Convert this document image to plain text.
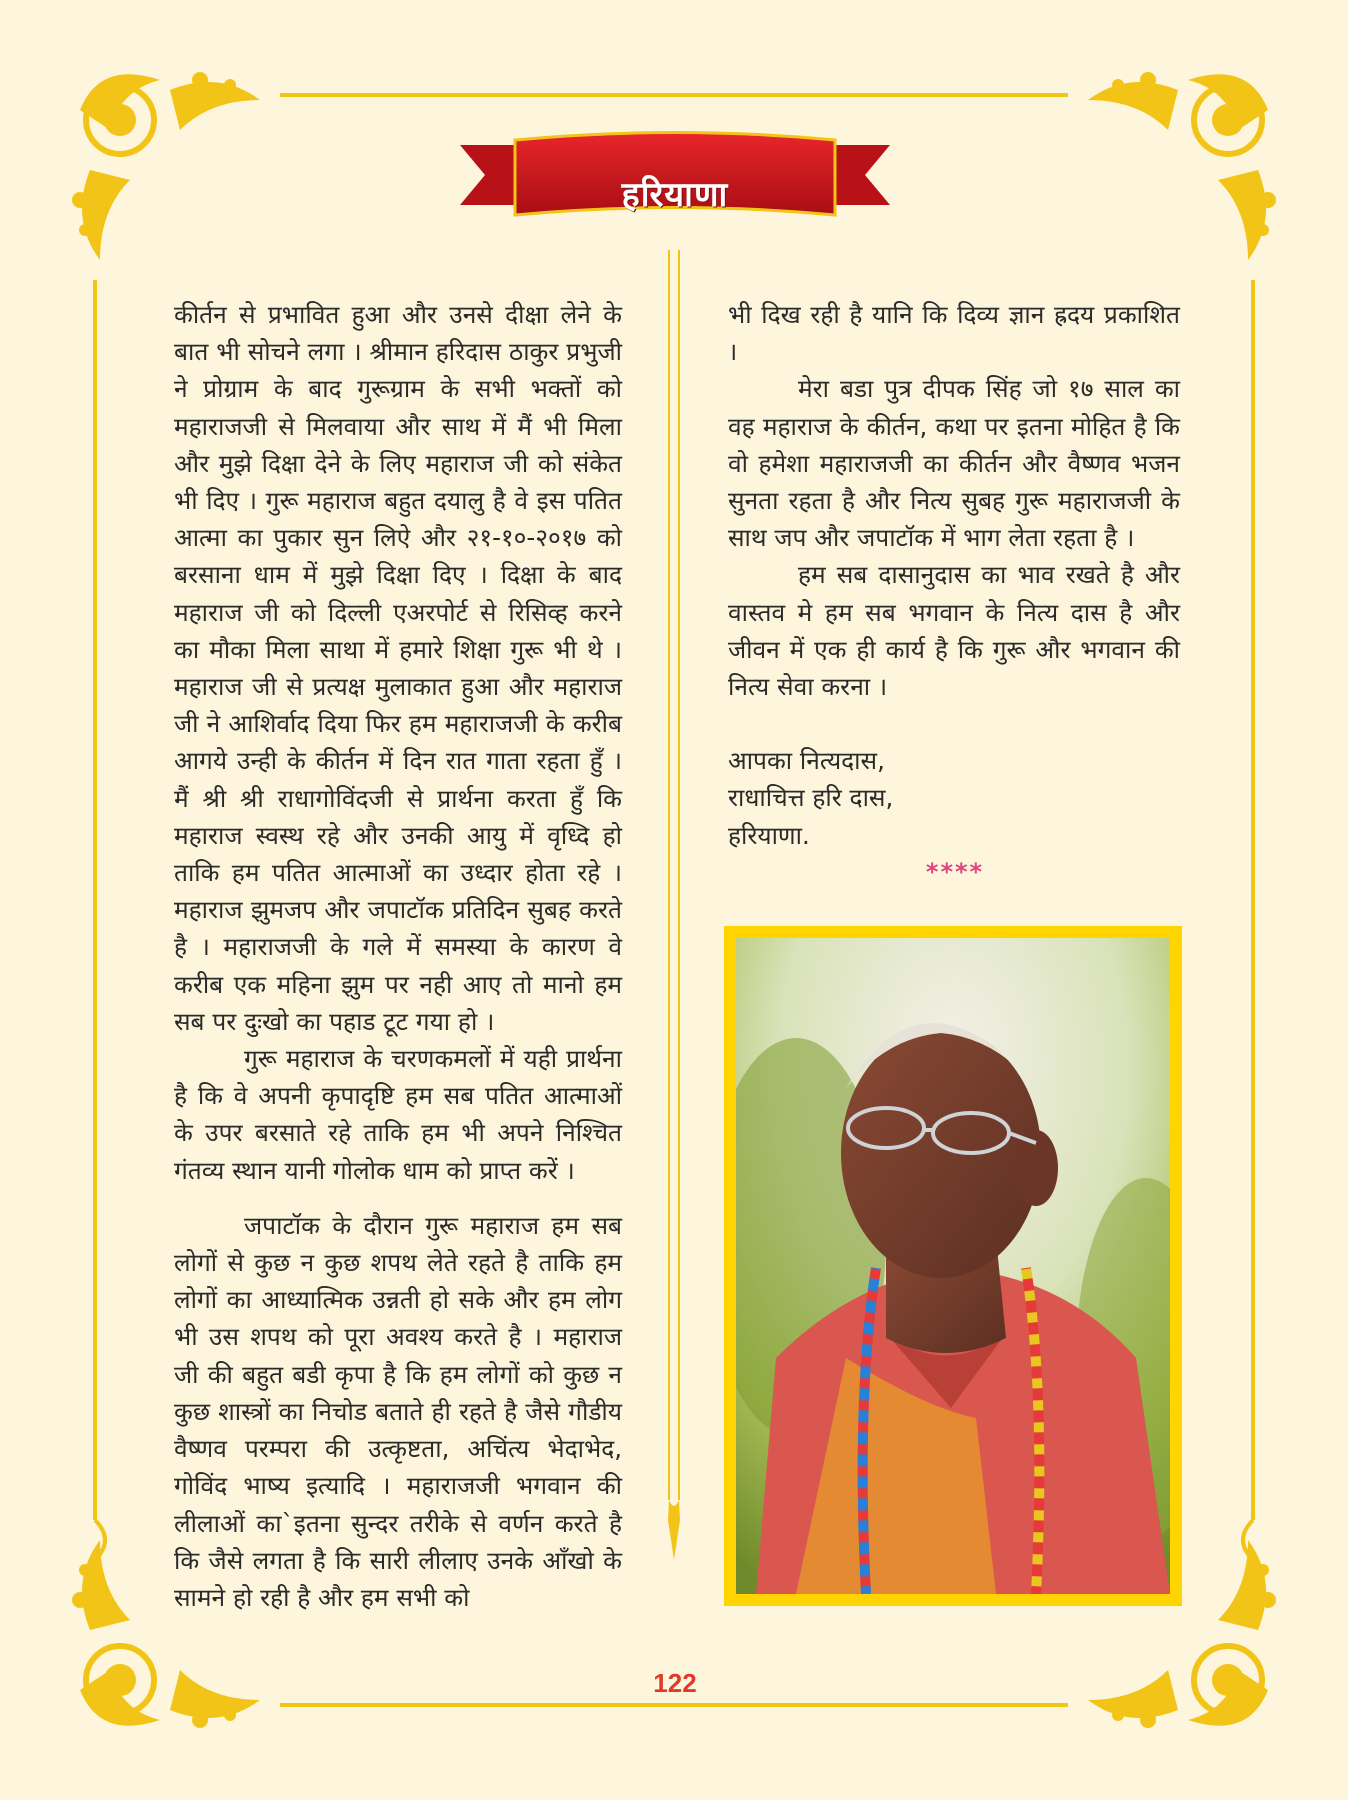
हरियाणा

कीर्तन से प्रभावित हुआ और उनसे दीक्षा लेने के बात भी सोचने लगा । श्रीमान हरिदास ठाकुर प्रभुजी ने प्रोग्राम के बाद गुरूग्राम के सभी भक्तों को महाराजजी से मिलवाया और साथ में मैं भी मिला और मुझे दिक्षा देने के लिए महाराज जी को संकेत भी दिए । गुरू महाराज बहुत दयालु है वे इस पतित आत्मा का पुकार सुन लिऐ और २१-१०-२०१७ को बरसाना धाम में मुझे दिक्षा दिए । दिक्षा के बाद महाराज जी को दिल्ली एअरपोर्ट से रिसिव्ह करने का मौका मिला साथा में हमारे शिक्षा गुरू भी थे । महाराज जी से प्रत्यक्ष मुलाकात हुआ और महाराज जी ने आशिर्वाद दिया फिर हम महाराजजी के करीब आगये उन्ही के कीर्तन में दिन रात गाता रहता हुँ । मैं श्री श्री राधागोविंदजी से प्रार्थना करता हुँ कि महाराज स्वस्थ रहे और उनकी आयु में वृध्दि हो ताकि हम पतित आत्माओं का उध्दार होता रहे । महाराज झुमजप और जपाटॉक प्रतिदिन सुबह करते है । महाराजजी के गले में समस्या के कारण वे करीब एक महिना झुम पर नही आए तो मानो हम सब पर दुःखो का पहाड टूट गया हो ।

गुरू महाराज के चरणकमलों में यही प्रार्थना है कि वे अपनी कृपादृष्टि हम सब पतित आत्माओं के उपर बरसाते रहे ताकि हम भी अपने निश्चित गंतव्य स्थान यानी गोलोक धाम को प्राप्त करें ।

जपाटॉक के दौरान गुरू महाराज हम सब लोगों से कुछ न कुछ शपथ लेते रहते है ताकि हम लोगों का आध्यात्मिक उन्नती हो सके और हम लोग भी उस शपथ को पूरा अवश्य करते है । महाराज जी की बहुत बडी कृपा है कि हम लोगों को कुछ न कुछ शास्त्रों का निचोड बताते ही रहते है जैसे गौडीय वैष्णव परम्परा की उत्कृष्टता, अचिंत्य भेदाभेद, गोविंद भाष्य इत्यादि । महाराजजी भगवान की लीलाओं का`इतना सुन्दर तरीके से वर्णन करते है कि जैसे लगता है कि सारी लीलाए उनके आँखो के सामने हो रही है और हम सभी को

भी दिख रही है यानि कि दिव्य ज्ञान ह्रदय प्रकाशित ।

मेरा बडा पुत्र दीपक सिंह जो १७ साल का वह महाराज के कीर्तन, कथा पर इतना मोहित है कि वो हमेशा महाराजजी का कीर्तन और वैष्णव भजन सुनता रहता है और नित्य सुबह गुरू महाराजजी के साथ जप और जपाटॉक में भाग लेता रहता है ।

हम सब दासानुदास का भाव रखते है और वास्तव मे हम सब भगवान के नित्य दास है और जीवन में एक ही कार्य है कि गुरू और भगवान की नित्य सेवा करना ।

आपका नित्यदास,

राधाचित्त हरि दास,

हरियाणा.

****
122
